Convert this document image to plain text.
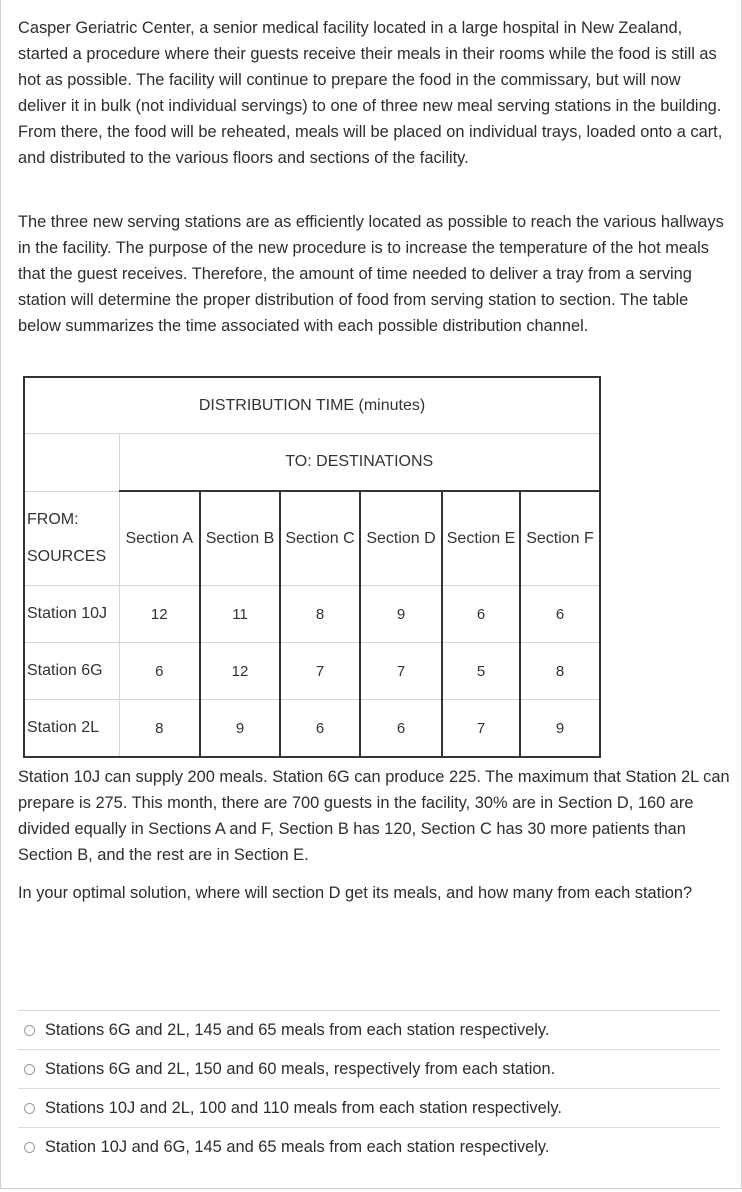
Casper Geriatric Center, a senior medical facility located in a large hospital in New Zealand, started a procedure where their guests receive their meals in their rooms while the food is still as hot as possible. The facility will continue to prepare the food in the commissary, but will now deliver it in bulk (not individual servings) to one of three new meal serving stations in the building. From there, the food will be reheated, meals will be placed on individual trays, loaded onto a cart, and distributed to the various floors and sections of the facility.

The three new serving stations are as efficiently located as possible to reach the various hallways in the facility. The purpose of the new procedure is to increase the temperature of the hot meals that the guest receives. Therefore, the amount of time needed to deliver a tray from a serving station will determine the proper distribution of food from serving station to section. The table below summarizes the time associated with each possible distribution channel.

DISTRIBUTION TIME (minutes)						
	TO: DESTINATIONS					

FROM:
SOURCES	Section A	Section B	Section C	Section D	Section E	Section F
Station 10J	12	11	8	9	6	6
Station 6G	6	12	7	7	5	8
Station 2L	8	9	6	6	7	9

Station 10J can supply 200 meals. Station 6G can produce 225. The maximum that Station 2L can prepare is 275. This month, there are 700 guests in the facility, 30% are in Section D, 160 are divided equally in Sections A and F, Section B has 120, Section C has 30 more patients than Section B, and the rest are in Section E.

In your optimal solution, where will section D get its meals, and how many from each station?

Stations 6G and 2L, 145 and 65 meals from each station respectively.
Stations 6G and 2L, 150 and 60 meals, respectively from each station.
Stations 10J and 2L, 100 and 110 meals from each station respectively.
Station 10J and 6G, 145 and 65 meals from each station respectively.
